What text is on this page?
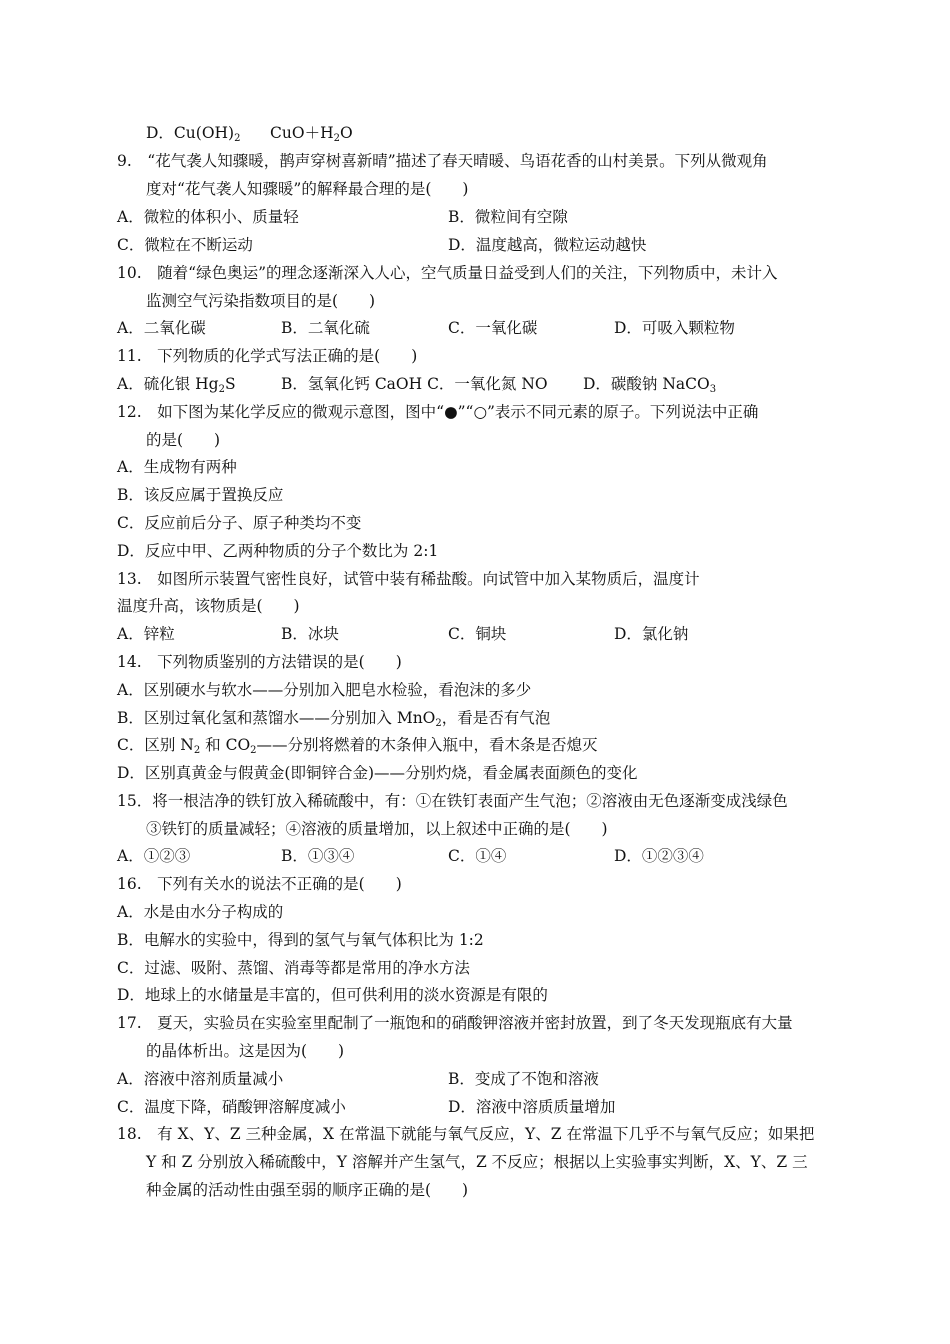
D．$Cu(OH)_2$ $CuO+H_2O$
9.　“花气袭人知骤暖，鹊声穿树喜新晴”描述了春天晴暖、鸟语花香的山村美景。下列从微观角
度对“花气袭人知骤暖”的解释最合理的是(　　)
A．微粒的体积小、质量轻	B．微粒间有空隙
C．微粒在不断运动	D．温度越高，微粒运动越快
10.　随着“绿色奥运”的理念逐渐深入人心，空气质量日益受到人们的关注，下列物质中，未计入
监测空气污染指数项目的是(　　)
A．二氧化碳	B．二氧化硫	C．一氧化碳	D．可吸入颗粒物
11.　下列物质的化学式写法正确的是(　　)
A．硫化银 $Hg_2S$	B．氢氧化钙 CaOH C．一氧化氮 NO D．碳酸钠 NaCO$_3$
12.　如下图为某化学反应的微观示意图，图中“●”“○”表示不同元素的原子。下列说法中正确
的是(　　)
A．生成物有两种
B．该反应属于置换反应
C．反应前后分子、原子种类均不变
D．反应中甲、乙两种物质的分子个数比为 2:1
13.　如图所示装置气密性良好，试管中装有稀盐酸。向试管中加入某物质后，温度计
温度升高，该物质是(　　)
A．锌粒	B．冰块	C．铜块	D．氯化钠
14.　下列物质鉴别的方法错误的是(　　)
A．区别硬水与软水——分别加入肥皂水检验，看泡沫的多少
B．区别过氧化氢和蒸馏水——分别加入 MnO$_2$，看是否有气泡
C．区别 $N_2$ 和 $CO_2——$分别将燃着的木条伸入瓶中，看木条是否熄灭
D．区别真黄金与假黄金(即铜锌合金)——分别灼烧，看金属表面颜色的变化
15．将一根洁净的铁钉放入稀硫酸中，有：①在铁钉表面产生气泡；②溶液由无色逐渐变成浅绿色
③铁钉的质量减轻；④溶液的质量增加，以上叙述中正确的是(　　)
A．①②③	B．①③④	C．①④	D．①②③④
16.　下列有关水的说法不正确的是(　　)
A．水是由水分子构成的
B．电解水的实验中，得到的氢气与氧气体积比为 1:2
C．过滤、吸附、蒸馏、消毒等都是常用的净水方法
D．地球上的水储量是丰富的，但可供利用的淡水资源是有限的
17.　夏天，实验员在实验室里配制了一瓶饱和的硝酸钾溶液并密封放置，到了冬天发现瓶底有大量
的晶体析出。这是因为(　　)
A．溶液中溶剂质量减小	B．变成了不饱和溶液
C．温度下降，硝酸钾溶解度减小	D．溶液中溶质质量增加
18.　有 X、Y、Z 三种金属，X 在常温下就能与氧气反应，Y、Z 在常温下几乎不与氧气反应；如果把
Y 和 Z 分别放入稀硫酸中，Y 溶解并产生氢气，Z 不反应；根据以上实验事实判断，X、Y、Z 三
种金属的活动性由强至弱的顺序正确的是(　　)
